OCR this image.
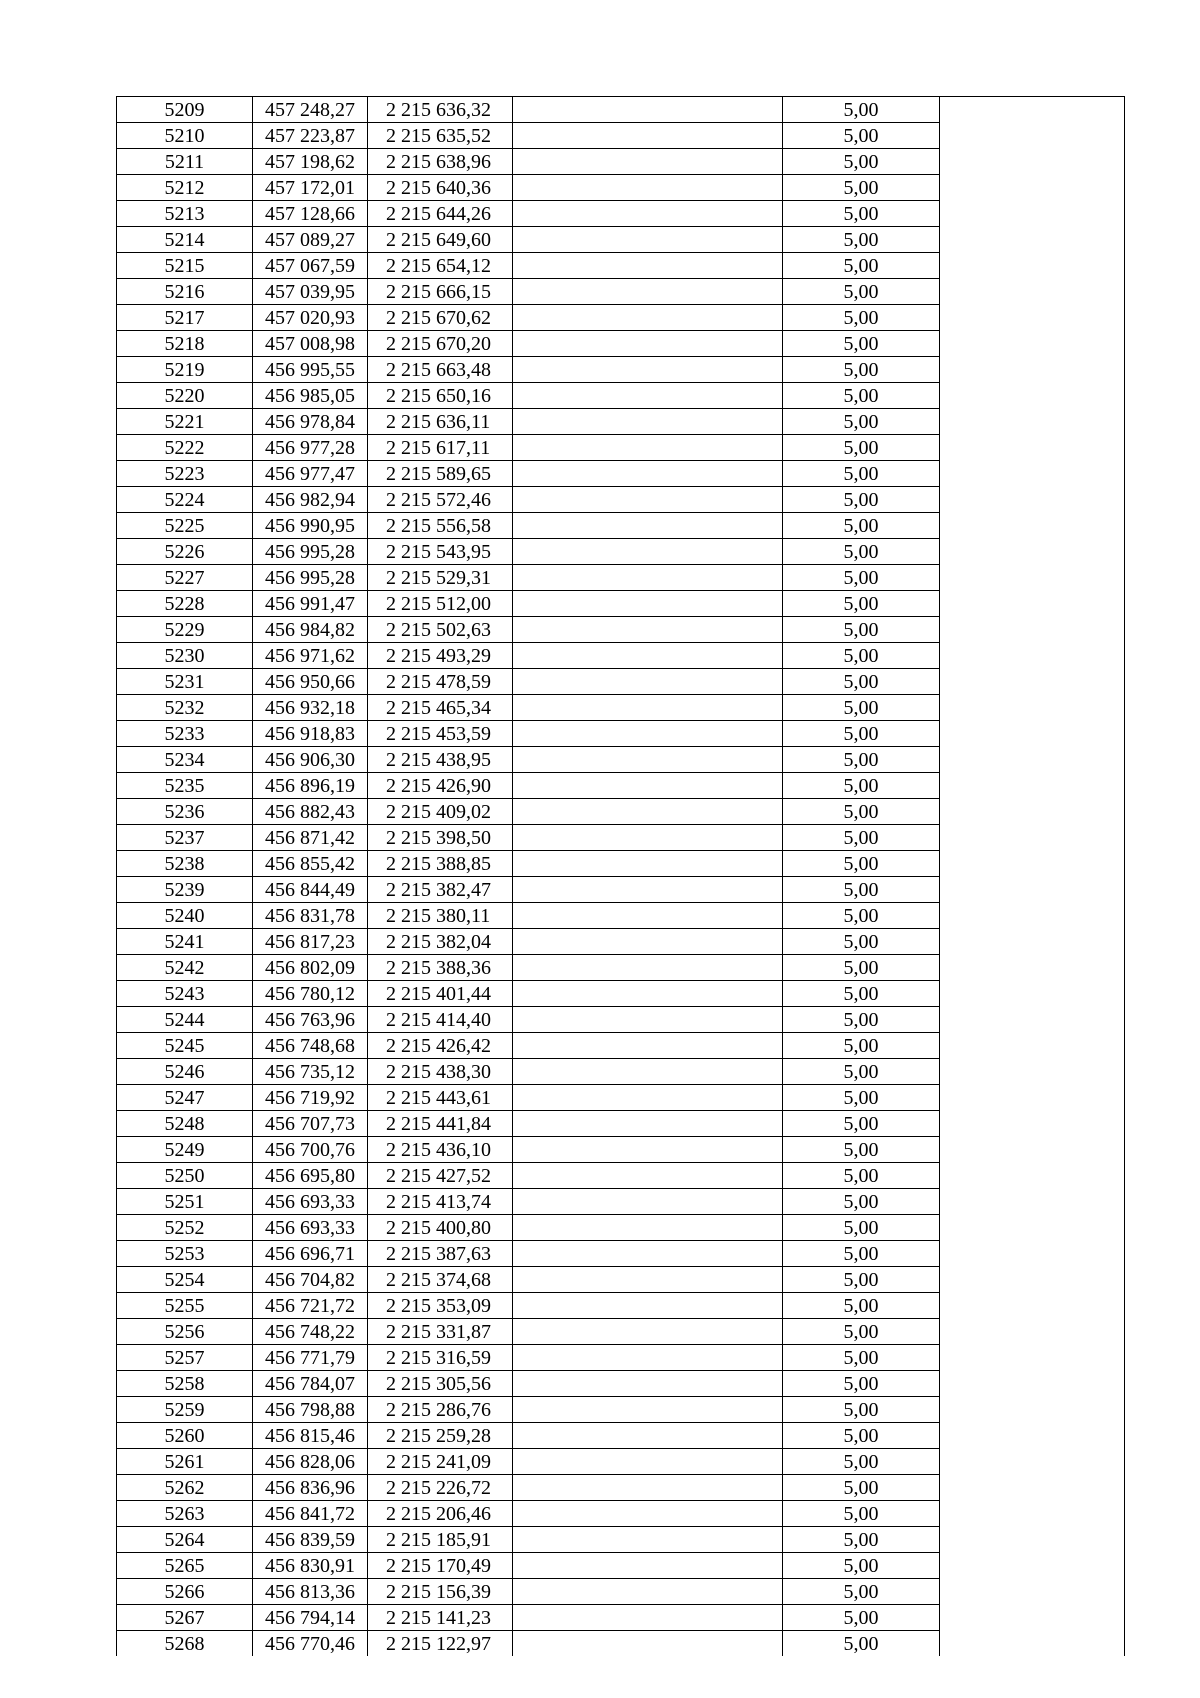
5209	457 248,27	2 215 636,32		5,00	
5210	457 223,87	2 215 635,52		5,00	
5211	457 198,62	2 215 638,96		5,00	
5212	457 172,01	2 215 640,36		5,00	
5213	457 128,66	2 215 644,26		5,00	
5214	457 089,27	2 215 649,60		5,00	
5215	457 067,59	2 215 654,12		5,00	
5216	457 039,95	2 215 666,15		5,00	
5217	457 020,93	2 215 670,62		5,00	
5218	457 008,98	2 215 670,20		5,00	
5219	456 995,55	2 215 663,48		5,00	
5220	456 985,05	2 215 650,16		5,00	
5221	456 978,84	2 215 636,11		5,00	
5222	456 977,28	2 215 617,11		5,00	
5223	456 977,47	2 215 589,65		5,00	
5224	456 982,94	2 215 572,46		5,00	
5225	456 990,95	2 215 556,58		5,00	
5226	456 995,28	2 215 543,95		5,00	
5227	456 995,28	2 215 529,31		5,00	
5228	456 991,47	2 215 512,00		5,00	
5229	456 984,82	2 215 502,63		5,00	
5230	456 971,62	2 215 493,29		5,00	
5231	456 950,66	2 215 478,59		5,00	
5232	456 932,18	2 215 465,34		5,00	
5233	456 918,83	2 215 453,59		5,00	
5234	456 906,30	2 215 438,95		5,00	
5235	456 896,19	2 215 426,90		5,00	
5236	456 882,43	2 215 409,02		5,00	
5237	456 871,42	2 215 398,50		5,00	
5238	456 855,42	2 215 388,85		5,00	
5239	456 844,49	2 215 382,47		5,00	
5240	456 831,78	2 215 380,11		5,00	
5241	456 817,23	2 215 382,04		5,00	
5242	456 802,09	2 215 388,36		5,00	
5243	456 780,12	2 215 401,44		5,00	
5244	456 763,96	2 215 414,40		5,00	
5245	456 748,68	2 215 426,42		5,00	
5246	456 735,12	2 215 438,30		5,00	
5247	456 719,92	2 215 443,61		5,00	
5248	456 707,73	2 215 441,84		5,00	
5249	456 700,76	2 215 436,10		5,00	
5250	456 695,80	2 215 427,52		5,00	
5251	456 693,33	2 215 413,74		5,00	
5252	456 693,33	2 215 400,80		5,00	
5253	456 696,71	2 215 387,63		5,00	
5254	456 704,82	2 215 374,68		5,00	
5255	456 721,72	2 215 353,09		5,00	
5256	456 748,22	2 215 331,87		5,00	
5257	456 771,79	2 215 316,59		5,00	
5258	456 784,07	2 215 305,56		5,00	
5259	456 798,88	2 215 286,76		5,00	
5260	456 815,46	2 215 259,28		5,00	
5261	456 828,06	2 215 241,09		5,00	
5262	456 836,96	2 215 226,72		5,00	
5263	456 841,72	2 215 206,46		5,00	
5264	456 839,59	2 215 185,91		5,00	
5265	456 830,91	2 215 170,49		5,00	
5266	456 813,36	2 215 156,39		5,00	
5267	456 794,14	2 215 141,23		5,00	
5268	456 770,46	2 215 122,97		5,00	
